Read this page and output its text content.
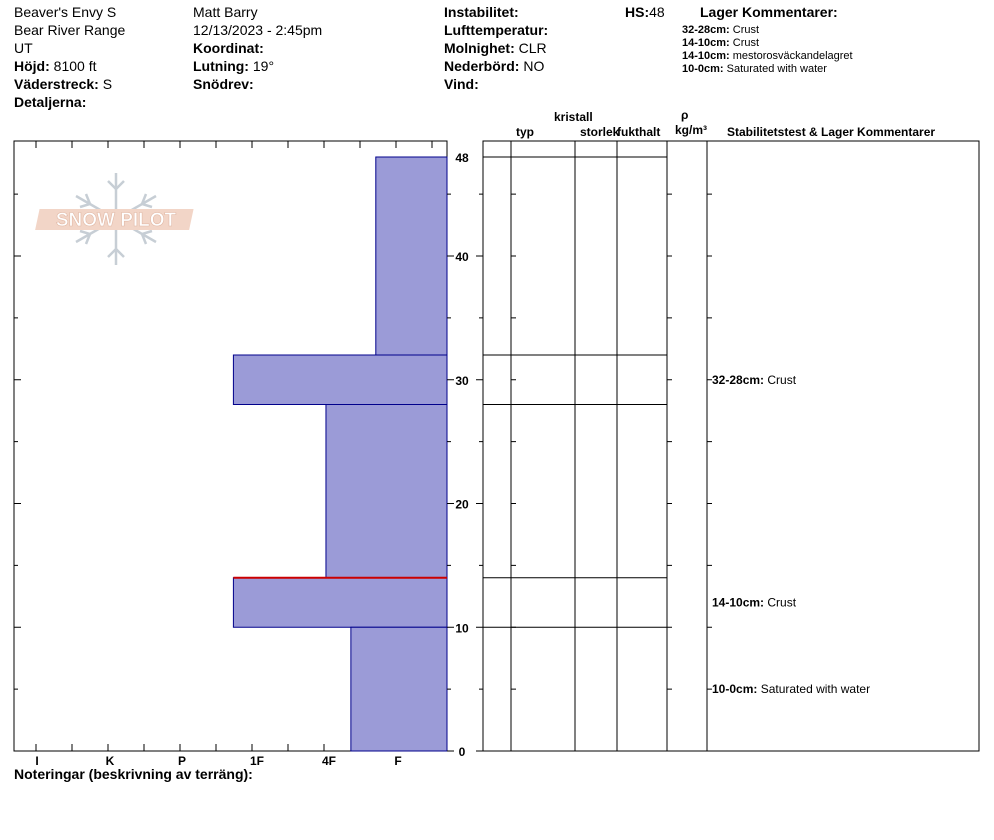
Beaver's Envy S
Bear River Range
UT
Höjd: 8100 ft
Väderstreck: S
Detaljerna:
Matt Barry
12/13/2023 - 2:45pm
Koordinat:
Lutning: 19°
Snödrev:
Instabilitet:
Lufttemperatur:
Molnighet: CLR
Nederbörd: NO
Vind:
HS:48	Lager Kommentarer:
32-28cm: Crust
14-10cm: Crust
14-10cm: mestorosväckandelagret
10-0cm: Saturated with water
kristall
typ	storlek
fukthalt
ρ
kg/m³ Stabilitetstest & Lager Kommentarer
SNOW PILOT
I	K	P	1F	4F	F
0
10
20
30
40
48
32-28cm: Crust
14-10cm: Crust
10-0cm: Saturated with water
Noteringar (beskrivning av terräng):
